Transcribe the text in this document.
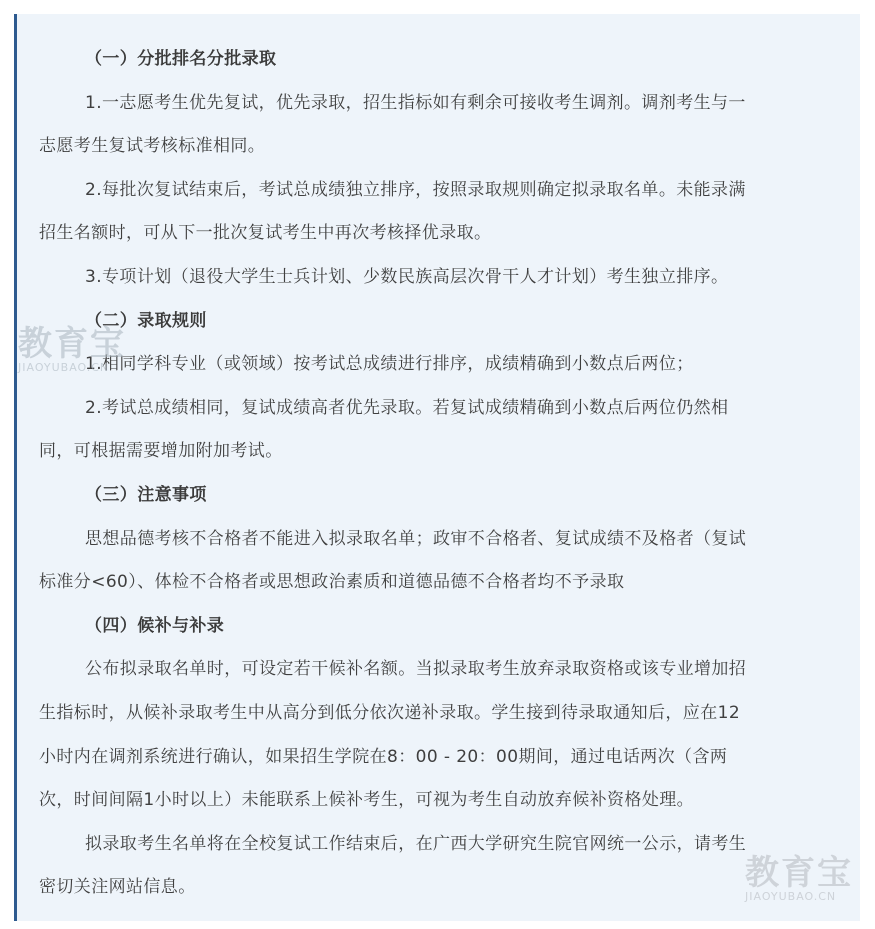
（一）分批排名分批录取
1.一志愿考生优先复试，优先录取，招生指标如有剩余可接收考生调剂。调剂考生与一
志愿考生复试考核标准相同。
2.每批次复试结束后，考试总成绩独立排序，按照录取规则确定拟录取名单。未能录满
招生名额时，可从下一批次复试考生中再次考核择优录取。
3.专项计划（退役大学生士兵计划、少数民族高层次骨干人才计划）考生独立排序。
（二）录取规则
1.相同学科专业（或领域）按考试总成绩进行排序，成绩精确到小数点后两位；
2.考试总成绩相同，复试成绩高者优先录取。若复试成绩精确到小数点后两位仍然相
同，可根据需要增加附加考试。
（三）注意事项
思想品德考核不合格者不能进入拟录取名单；政审不合格者、复试成绩不及格者（复试
标准分<60）、体检不合格者或思想政治素质和道德品德不合格者均不予录取
（四）候补与补录
公布拟录取名单时，可设定若干候补名额。当拟录取考生放弃录取资格或该专业增加招
生指标时，从候补录取考生中从高分到低分依次递补录取。学生接到待录取通知后，应在12
小时内在调剂系统进行确认，如果招生学院在8：00 - 20：00期间，通过电话两次（含两
次，时间间隔1小时以上）未能联系上候补考生，可视为考生自动放弃候补资格处理。
拟录取考生名单将在全校复试工作结束后，在广西大学研究生院官网统一公示，请考生
密切关注网站信息。
教育宝
JIAOYUBAO.CN
教育宝
JIAOYUBAO.CN
